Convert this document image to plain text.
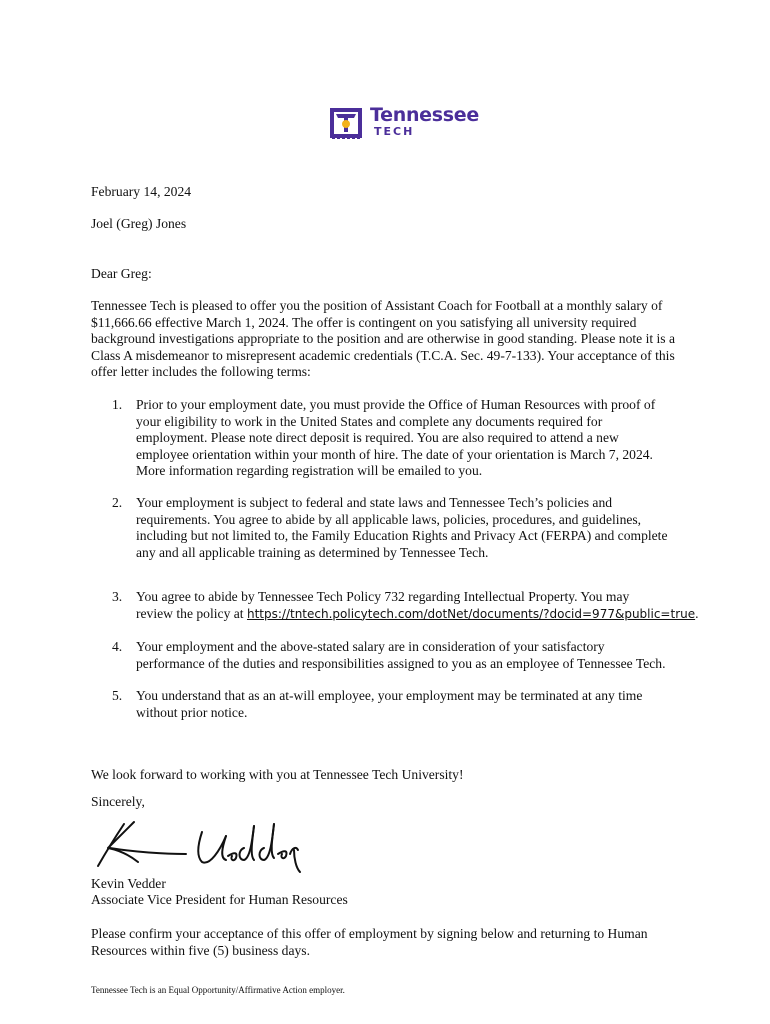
Tennessee
TECH
February 14, 2024
Joel (Greg) Jones
Dear Greg:
Tennessee Tech is pleased to offer you the position of Assistant Coach for Football at a monthly salary of
$11,666.66 effective March 1, 2024. The offer is contingent on you satisfying all university required
background investigations appropriate to the position and are otherwise in good standing. Please note it is a
Class A misdemeanor to misrepresent academic credentials (T.C.A. Sec. 49-7-133). Your acceptance of this
offer letter includes the following terms:
1. Prior to your employment date, you must provide the Office of Human Resources with proof of
your eligibility to work in the United States and complete any documents required for
employment. Please note direct deposit is required. You are also required to attend a new
employee orientation within your month of hire. The date of your orientation is March 7, 2024.
More information regarding registration will be emailed to you.
2. Your employment is subject to federal and state laws and Tennessee Tech’s policies and
requirements. You agree to abide by all applicable laws, policies, procedures, and guidelines,
including but not limited to, the Family Education Rights and Privacy Act (FERPA) and complete
any and all applicable training as determined by Tennessee Tech.
3. You agree to abide by Tennessee Tech Policy 732 regarding Intellectual Property. You may
review the policy at https://tntech.policytech.com/dotNet/documents/?docid=977&public=true.
4. Your employment and the above-stated salary are in consideration of your satisfactory
performance of the duties and responsibilities assigned to you as an employee of Tennessee Tech.
5. You understand that as an at-will employee, your employment may be terminated at any time
without prior notice.
We look forward to working with you at Tennessee Tech University!
Sincerely,
Kevin Vedder
Associate Vice President for Human Resources
Please confirm your acceptance of this offer of employment by signing below and returning to Human
Resources within five (5) business days.
Tennessee Tech is an Equal Opportunity/Affirmative Action employer.
